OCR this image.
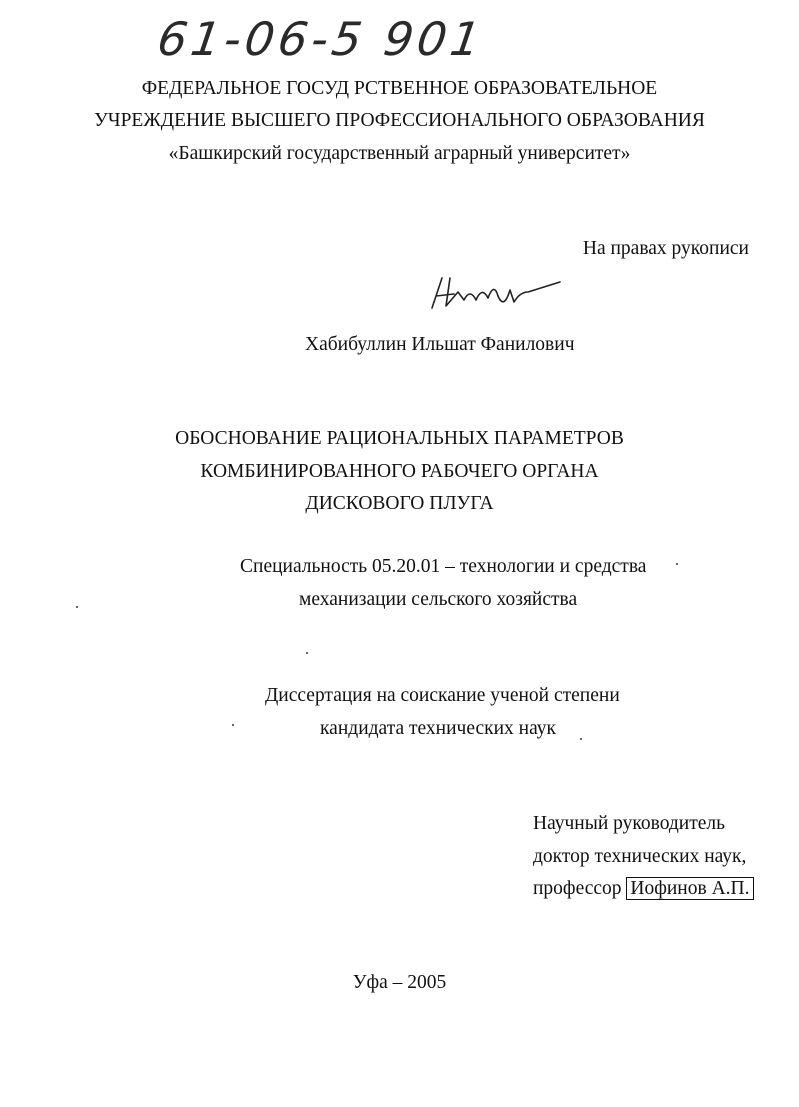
61-06-5 901
ФЕДЕРАЛЬНОЕ ГОСУД РСТВЕННОЕ ОБРАЗОВАТЕЛЬНОЕ
УЧРЕЖДЕНИЕ ВЫСШЕГО ПРОФЕССИОНАЛЬНОГО ОБРАЗОВАНИЯ
«Башкирский государственный аграрный университет»
На правах рукописи
Хабибуллин Ильшат Фанилович
ОБОСНОВАНИЕ РАЦИОНАЛЬНЫХ ПАРАМЕТРОВ
КОМБИНИРОВАННОГО РАБОЧЕГО ОРГАНА
ДИСКОВОГО ПЛУГА
Специальность 05.20.01 – технологии и средства
механизации сельского хозяйства
Диссертация на соискание ученой степени
кандидата технических наук
Научный руководитель
доктор технических наук,
профессор Иофинов А.П.
Уфа – 2005
